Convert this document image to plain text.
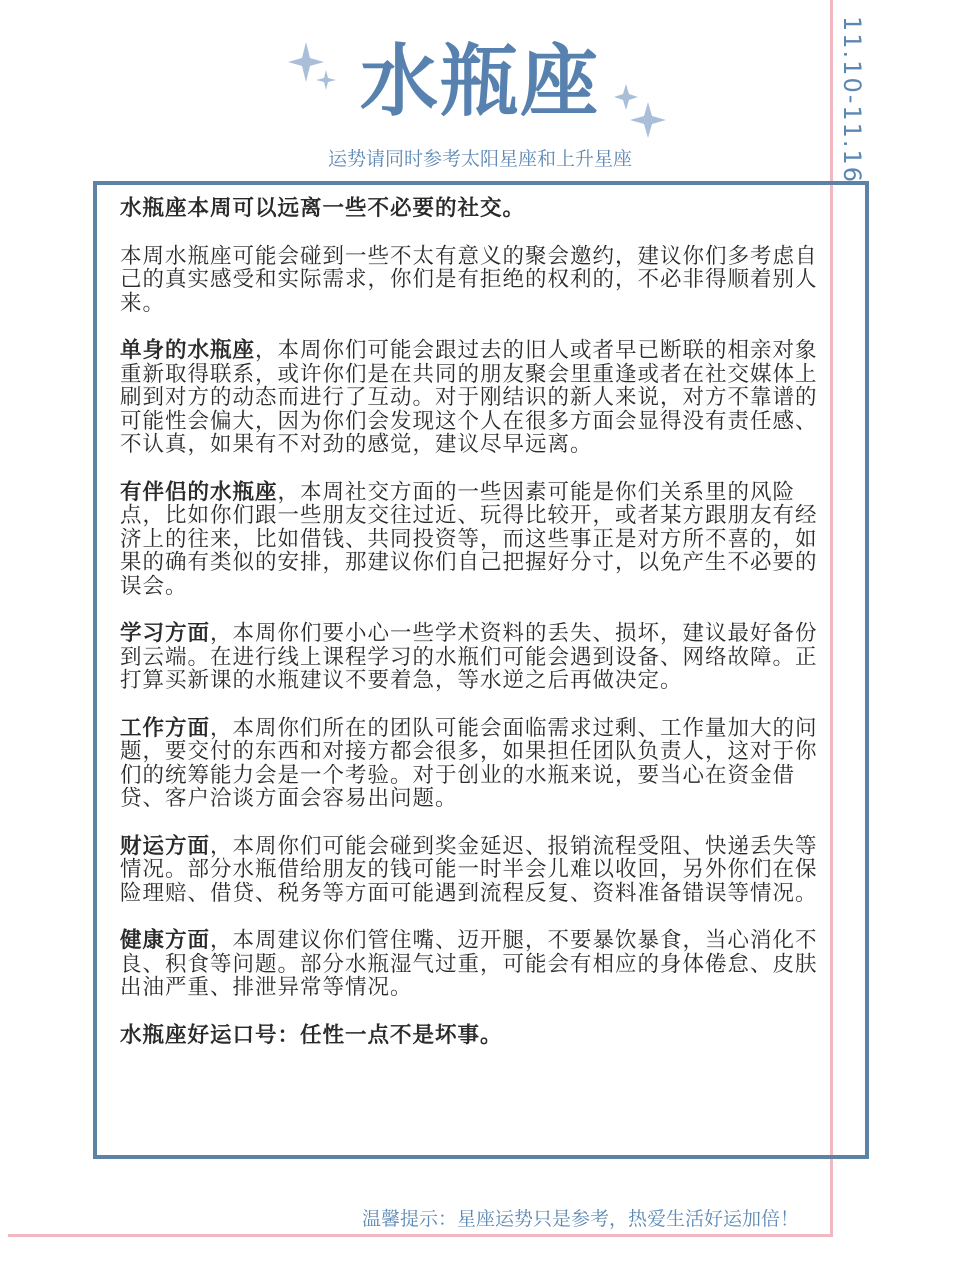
11.10-11.16
水瓶座
运势请同时参考太阳星座和上升星座

水瓶座本周可以远离一些不必要的社交。

本周水瓶座可能会碰到一些不太有意义的聚会邀约，建议你们多考虑自己的真实感受和实际需求，你们是有拒绝的权利的，不必非得顺着别人来。

单身的水瓶座，本周你们可能会跟过去的旧人或者早已断联的相亲对象重新取得联系，或许你们是在共同的朋友聚会里重逢或者在社交媒体上刷到对方的动态而进行了互动。对于刚结识的新人来说，对方不靠谱的可能性会偏大，因为你们会发现这个人在很多方面会显得没有责任感、不认真，如果有不对劲的感觉，建议尽早远离。

有伴侣的水瓶座，本周社交方面的一些因素可能是你们关系里的风险点，比如你们跟一些朋友交往过近、玩得比较开，或者某方跟朋友有经济上的往来，比如借钱、共同投资等，而这些事正是对方所不喜的，如果的确有类似的安排，那建议你们自己把握好分寸，以免产生不必要的误会。

学习方面，本周你们要小心一些学术资料的丢失、损坏，建议最好备份到云端。在进行线上课程学习的水瓶们可能会遇到设备、网络故障。正打算买新课的水瓶建议不要着急，等水逆之后再做决定。

工作方面，本周你们所在的团队可能会面临需求过剩、工作量加大的问题，要交付的东西和对接方都会很多，如果担任团队负责人，这对于你们的统筹能力会是一个考验。对于创业的水瓶来说，要当心在资金借贷、客户洽谈方面会容易出问题。

财运方面，本周你们可能会碰到奖金延迟、报销流程受阻、快递丢失等情况。部分水瓶借给朋友的钱可能一时半会儿难以收回，另外你们在保险理赔、借贷、税务等方面可能遇到流程反复、资料准备错误等情况。

健康方面，本周建议你们管住嘴、迈开腿，不要暴饮暴食，当心消化不良、积食等问题。部分水瓶湿气过重，可能会有相应的身体倦怠、皮肤出油严重、排泄异常等情况。

水瓶座好运口号：任性一点不是坏事。

温馨提示：星座运势只是参考，热爱生活好运加倍！
